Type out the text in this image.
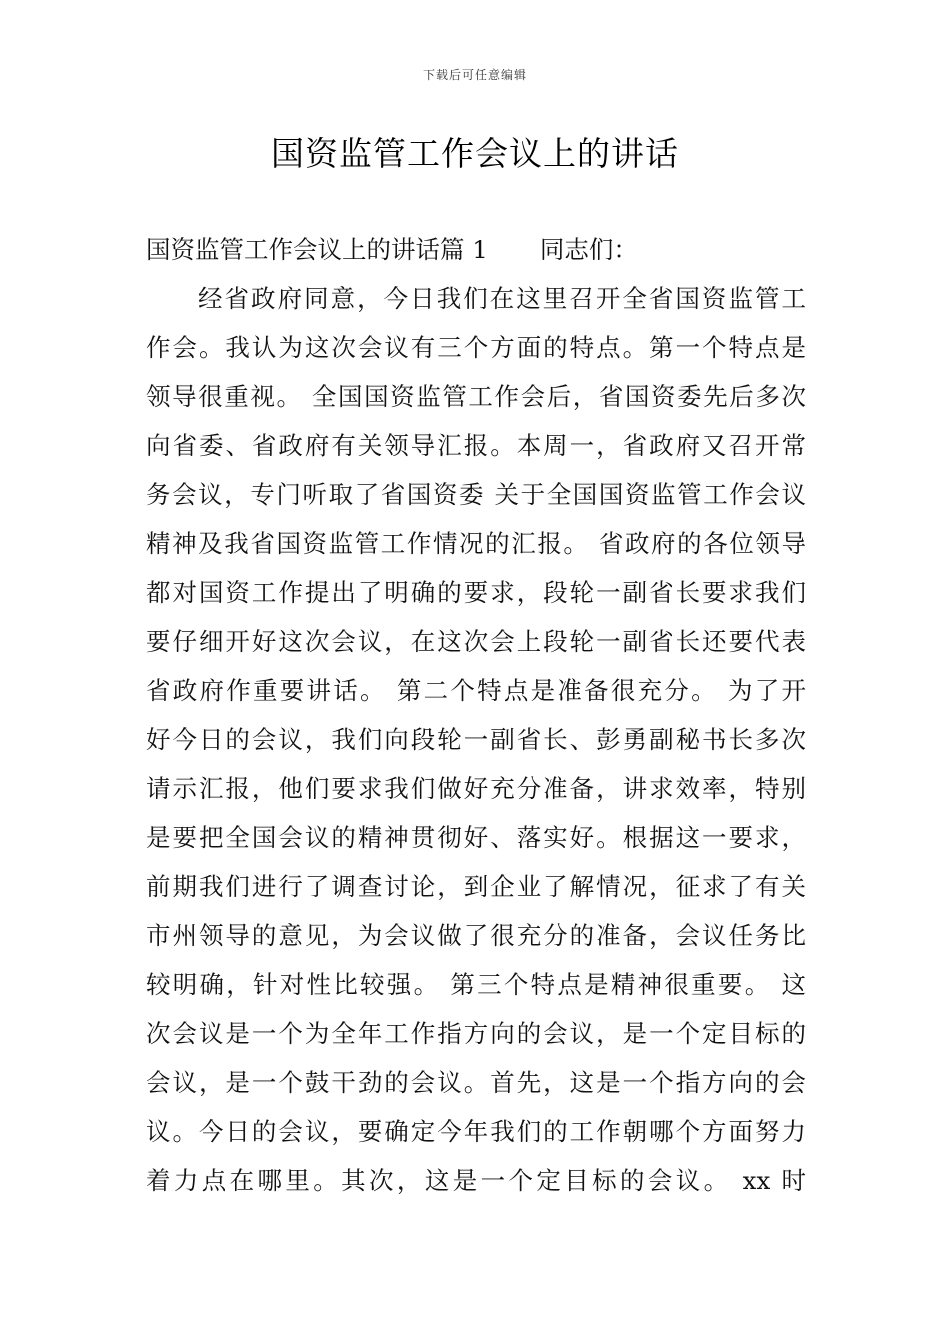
下载后可任意编辑
国资监管工作会议上的讲话
国资监管工作会议上的讲话篇 1 同志们：
经省政府同意，今日我们在这里召开全省国资监管工
作会。我认为这次会议有三个方面的特点。第一个特点是
领导很重视。 全国国资监管工作会后，省国资委先后多次
向省委、省政府有关领导汇报。本周一，省政府又召开常
务会议，专门听取了省国资委 关于全国国资监管工作会议
精神及我省国资监管工作情况的汇报。 省政府的各位领导
都对国资工作提出了明确的要求，段轮一副省长要求我们
要仔细开好这次会议，在这次会上段轮一副省长还要代表
省政府作重要讲话。 第二个特点是准备很充分。 为了开
好今日的会议，我们向段轮一副省长、彭勇副秘书长多次
请示汇报，他们要求我们做好充分准备，讲求效率，特别
是要把全国会议的精神贯彻好、落实好。根据这一要求，
前期我们进行了调查讨论，到企业了解情况，征求了有关
市州领导的意见，为会议做了很充分的准备，会议任务比
较明确，针对性比较强。 第三个特点是精神很重要。 这
次会议是一个为全年工作指方向的会议，是一个定目标的
会议，是一个鼓干劲的会议。首先，这是一个指方向的会
议。今日的会议，要确定今年我们的工作朝哪个方面努力
着力点在哪里。其次，这是一个定目标的会议。 xx 时
